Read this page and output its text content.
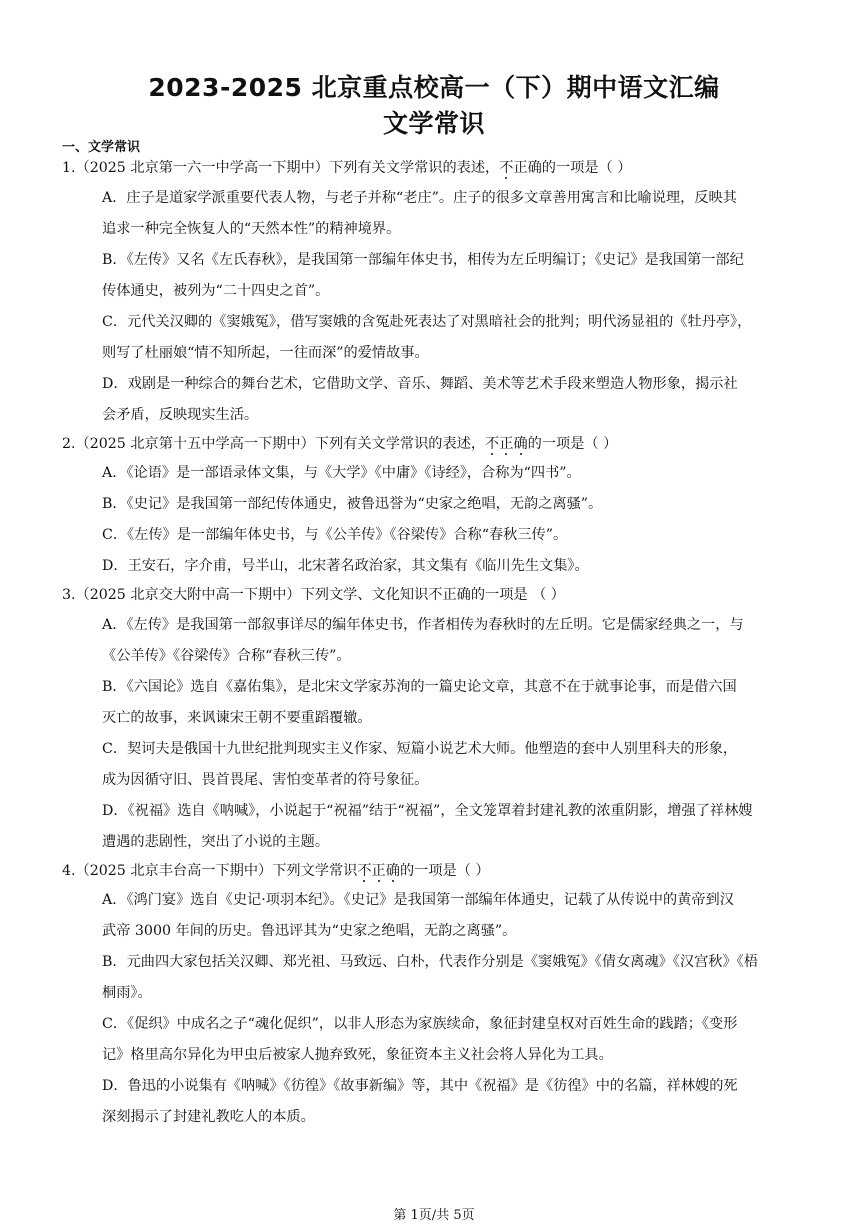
2023-2025 北京重点校高一（下）期中语文汇编
文学常识
一、文学常识

1.（2025 北京第一六一中学高一下期中）下列有关文学常识的表述，不正确的一项是（ ）

A．庄子是道家学派重要代表人物，与老子并称“老庄”。庄子的很多文章善用寓言和比喻说理，反映其

追求一种完全恢复人的“天然本性”的精神境界。

B．《左传》又名《左氏春秋》，是我国第一部编年体史书，相传为左丘明编订；《史记》是我国第一部纪

传体通史，被列为“二十四史之首”。

C．元代关汉卿的《窦娥冤》，借写窦娥的含冤赴死表达了对黑暗社会的批判；明代汤显祖的《牡丹亭》，

则写了杜丽娘“情不知所起，一往而深”的爱情故事。

D．戏剧是一种综合的舞台艺术，它借助文学、音乐、舞蹈、美术等艺术手段来塑造人物形象，揭示社

会矛盾，反映现实生活。

2.（2025 北京第十五中学高一下期中）下列有关文学常识的表述，不正确的一项是（ ）

A．《论语》是一部语录体文集，与《大学》《中庸》《诗经》，合称为“四书”。

B．《史记》是我国第一部纪传体通史，被鲁迅誉为“史家之绝唱，无韵之离骚”。

C．《左传》是一部编年体史书，与《公羊传》《谷梁传》合称“春秋三传”。

D．王安石，字介甫，号半山，北宋著名政治家，其文集有《临川先生文集》。

3.（2025 北京交大附中高一下期中）下列文学、文化知识不正确的一项是 （ ）

A．《左传》是我国第一部叙事详尽的编年体史书，作者相传为春秋时的左丘明。它是儒家经典之一，与

《公羊传》《谷梁传》合称“春秋三传”。

B．《六国论》选自《嘉佑集》，是北宋文学家苏洵的一篇史论文章，其意不在于就事论事，而是借六国

灭亡的故事，来讽谏宋王朝不要重蹈覆辙。

C．契诃夫是俄国十九世纪批判现实主义作家、短篇小说艺术大师。他塑造的套中人别里科夫的形象，

成为因循守旧、畏首畏尾、害怕变革者的符号象征。

D．《祝福》选自《呐喊》，小说起于“祝福”结于“祝福”，全文笼罩着封建礼教的浓重阴影，增强了祥林嫂

遭遇的悲剧性，突出了小说的主题。

4.（2025 北京丰台高一下期中）下列文学常识不正确的一项是（ ）

A．《鸿门宴》选自《史记·项羽本纪》。《史记》是我国第一部编年体通史，记载了从传说中的黄帝到汉

武帝 3000 年间的历史。鲁迅评其为“史家之绝唱，无韵之离骚”。

B．元曲四大家包括关汉卿、郑光祖、马致远、白朴，代表作分别是《窦娥冤》《倩女离魂》《汉宫秋》《梧

桐雨》。

C．《促织》中成名之子“魂化促织”，以非人形态为家族续命，象征封建皇权对百姓生命的践踏；《变形

记》格里高尔异化为甲虫后被家人抛弃致死，象征资本主义社会将人异化为工具。

D．鲁迅的小说集有《呐喊》《彷徨》《故事新编》等，其中《祝福》是《彷徨》中的名篇，祥林嫂的死

深刻揭示了封建礼教吃人的本质。

第 1页/共 5页
